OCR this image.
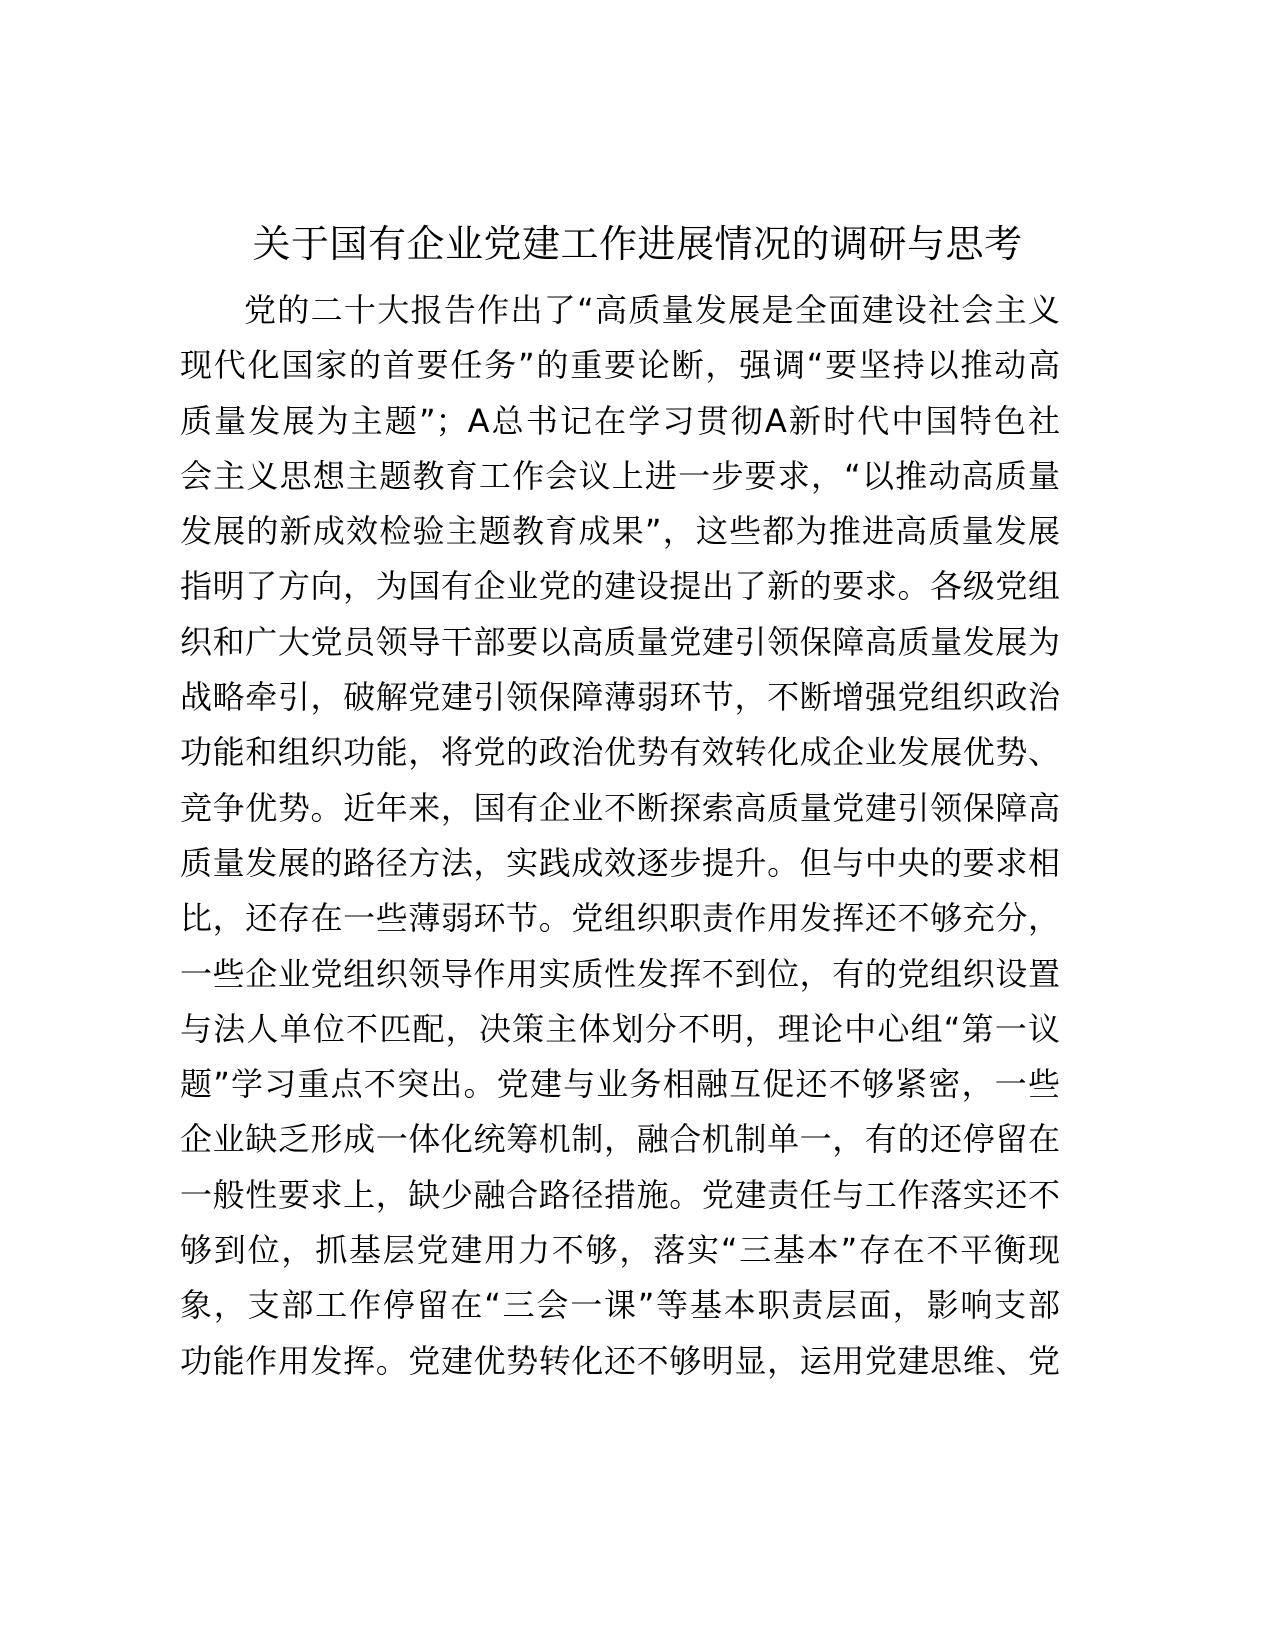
关于国有企业党建工作进展情况的调研与思考
党的二十大报告作出了“高质量发展是全面建设社会主义
现代化国家的首要任务”的重要论断，强调“要坚持以推动高
质量发展为主题”；A总书记在学习贯彻A新时代中国特色社
会主义思想主题教育工作会议上进一步要求，“以推动高质量
发展的新成效检验主题教育成果”，这些都为推进高质量发展
指明了方向，为国有企业党的建设提出了新的要求。各级党组
织和广大党员领导干部要以高质量党建引领保障高质量发展为
战略牵引，破解党建引领保障薄弱环节，不断增强党组织政治
功能和组织功能，将党的政治优势有效转化成企业发展优势、
竞争优势。近年来，国有企业不断探索高质量党建引领保障高
质量发展的路径方法，实践成效逐步提升。但与中央的要求相
比，还存在一些薄弱环节。党组织职责作用发挥还不够充分，
一些企业党组织领导作用实质性发挥不到位，有的党组织设置
与法人单位不匹配，决策主体划分不明，理论中心组“第一议
题”学习重点不突出。党建与业务相融互促还不够紧密，一些
企业缺乏形成一体化统筹机制，融合机制单一，有的还停留在
一般性要求上，缺少融合路径措施。党建责任与工作落实还不
够到位，抓基层党建用力不够，落实“三基本”存在不平衡现
象，支部工作停留在“三会一课”等基本职责层面，影响支部
功能作用发挥。党建优势转化还不够明显，运用党建思维、党
